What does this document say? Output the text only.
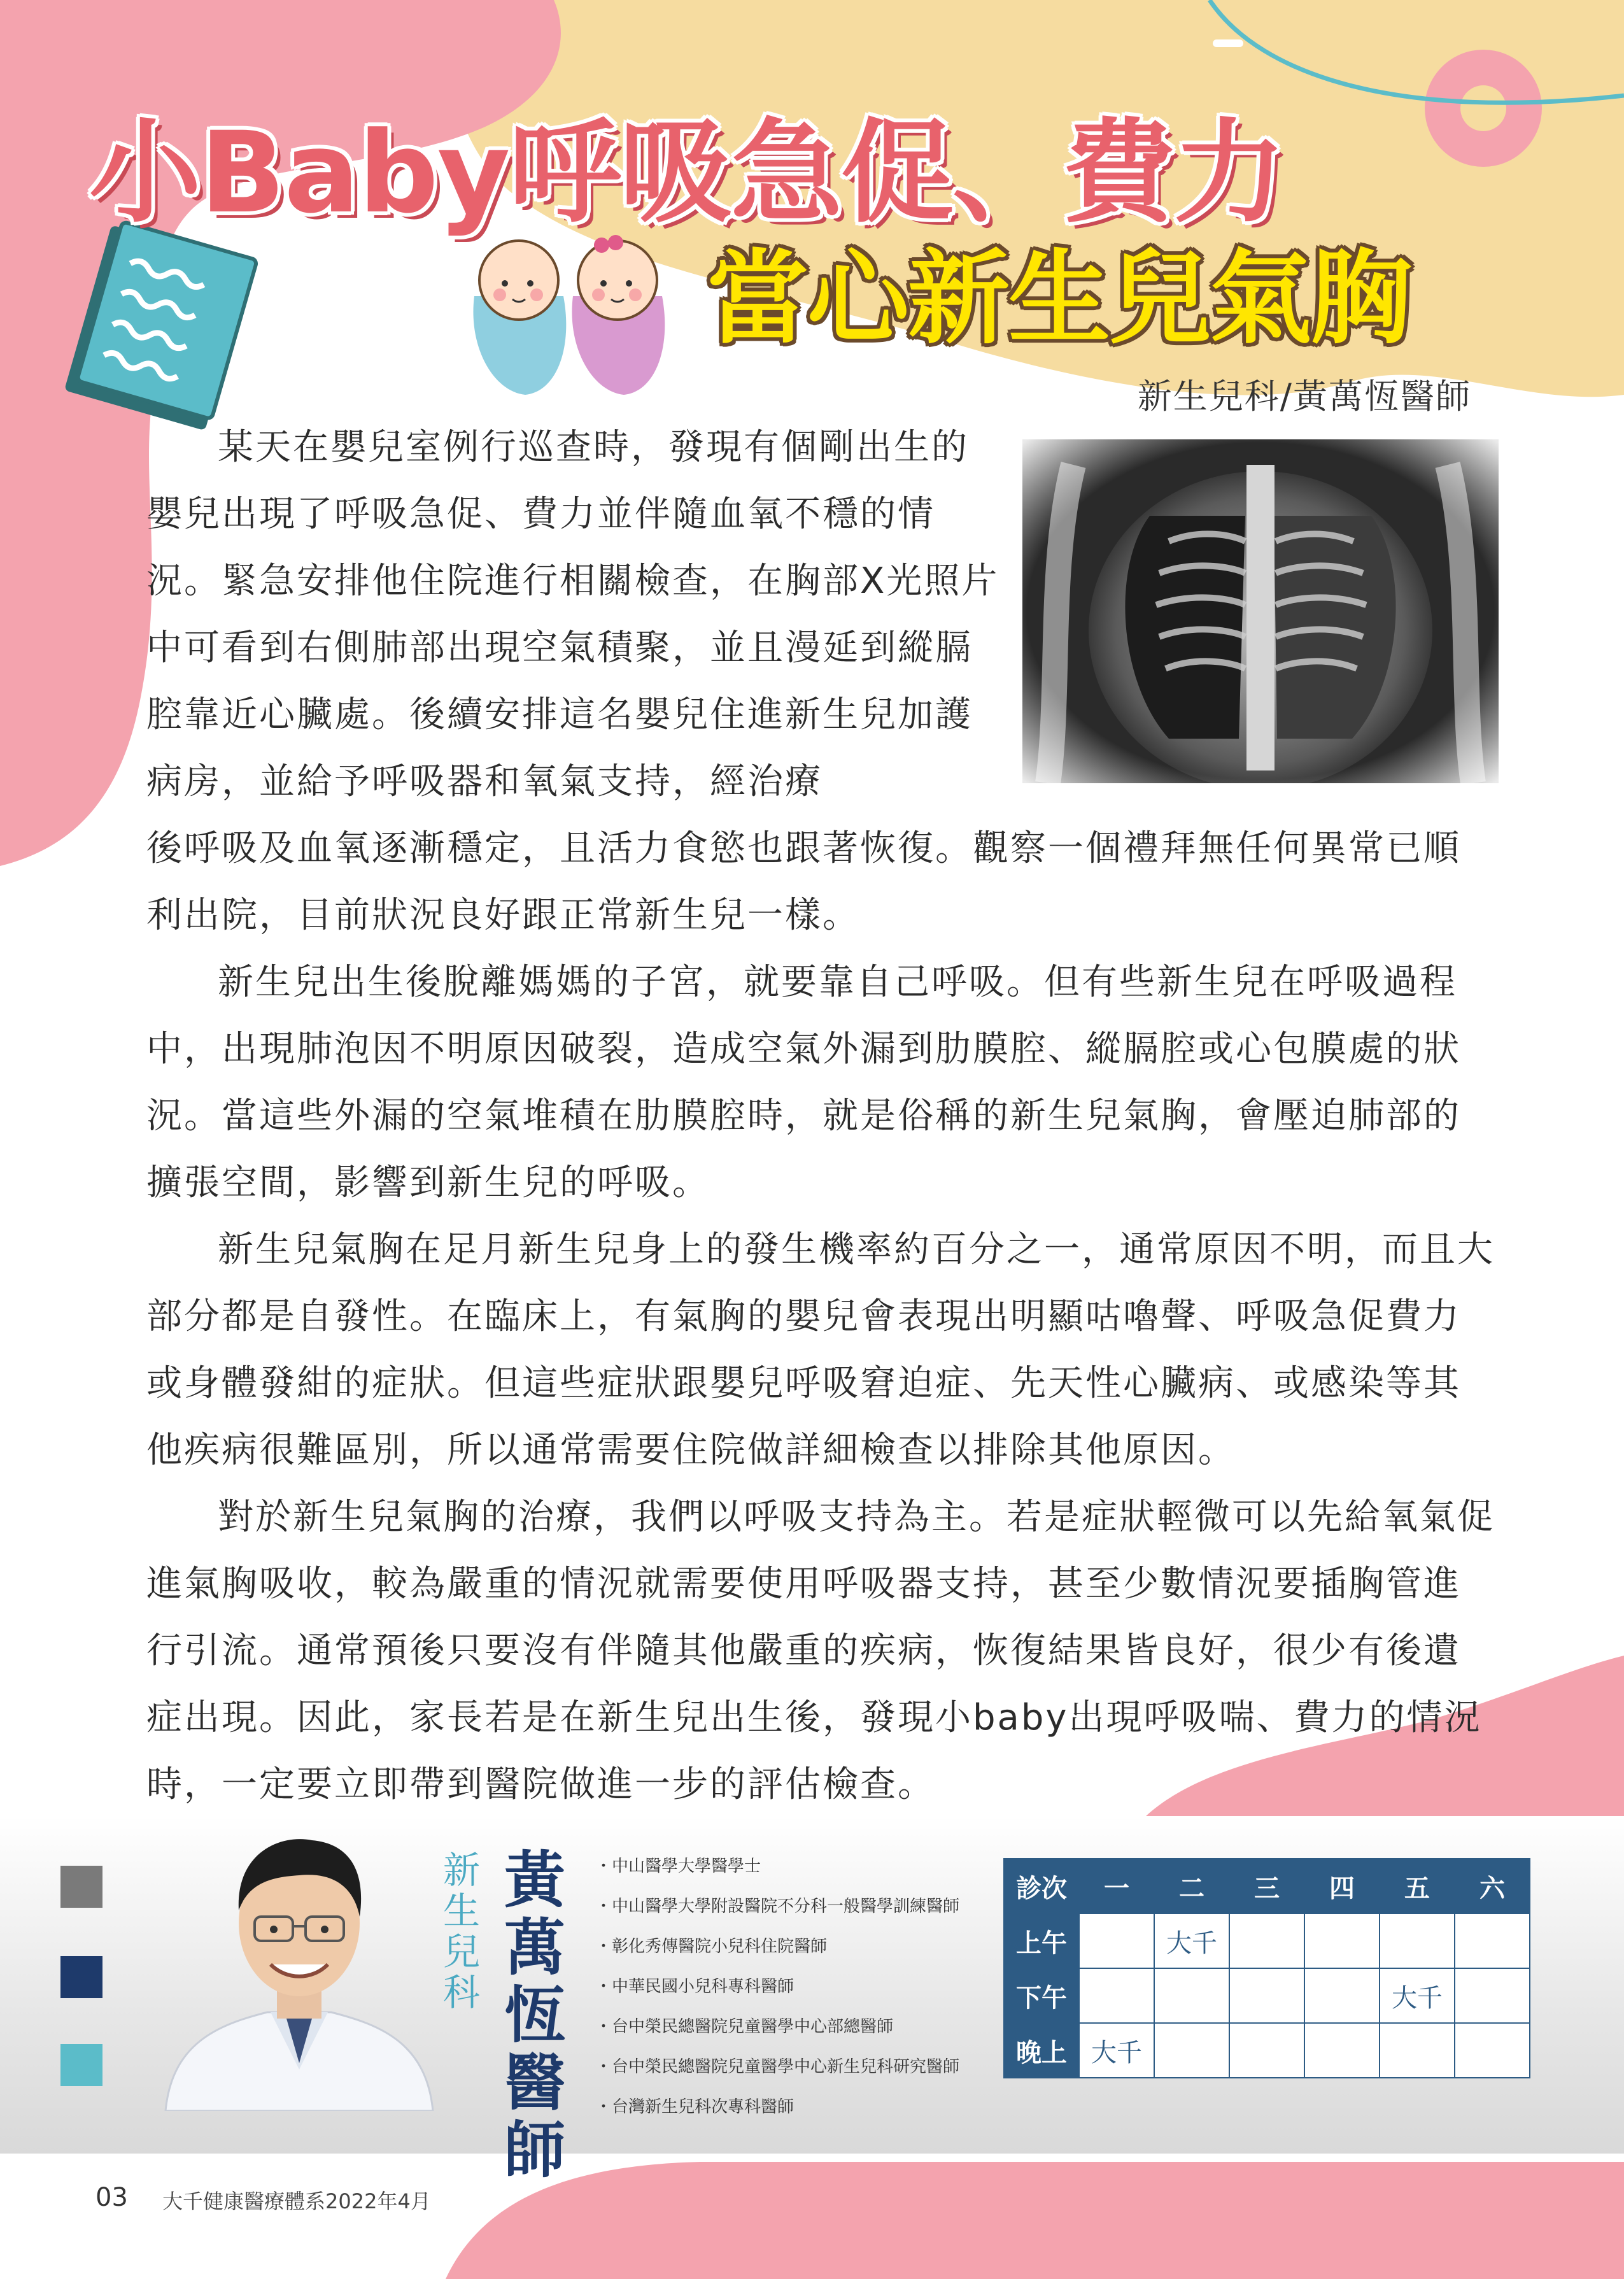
小Baby呼吸急促、費力
當心新生兒氣胸
新生兒科/黃萬恆醫師

某天在嬰兒室例行巡查時，發現有個剛出生的嬰兒出現了呼吸急促、費力並伴隨血氧不穩的情況。緊急安排他住院進行相關檢查，在胸部X光照片中可看到右側肺部出現空氣積聚，並且漫延到縱膈腔靠近心臟處。後續安排這名嬰兒住進新生兒加護病房，並給予呼吸器和氧氣支持，經治療

後呼吸及血氧逐漸穩定，且活力食慾也跟著恢復。觀察一個禮拜無任何異常已順利出院，目前狀況良好跟正常新生兒一樣。

新生兒出生後脫離媽媽的子宮，就要靠自己呼吸。但有些新生兒在呼吸過程中，出現肺泡因不明原因破裂，造成空氣外漏到肋膜腔、縱膈腔或心包膜處的狀況。當這些外漏的空氣堆積在肋膜腔時，就是俗稱的新生兒氣胸，會壓迫肺部的擴張空間，影響到新生兒的呼吸。

新生兒氣胸在足月新生兒身上的發生機率約百分之一，通常原因不明，而且大部分都是自發性。在臨床上，有氣胸的嬰兒會表現出明顯咕嚕聲、呼吸急促費力或身體發紺的症狀。但這些症狀跟嬰兒呼吸窘迫症、先天性心臟病、或感染等其他疾病很難區別，所以通常需要住院做詳細檢查以排除其他原因。

對於新生兒氣胸的治療，我們以呼吸支持為主。若是症狀輕微可以先給氧氣促進氣胸吸收，較為嚴重的情況就需要使用呼吸器支持，甚至少數情況要插胸管進行引流。通常預後只要沒有伴隨其他嚴重的疾病，恢復結果皆良好，很少有後遺症出現。因此，家長若是在新生兒出生後，發現小baby出現呼吸喘、費力的情況時，一定要立即帶到醫院做進一步的評估檢查。

新生兒科
黃萬恆醫師
・中山醫學大學醫學士
・中山醫學大學附設醫院不分科一般醫學訓練醫師
・彰化秀傳醫院小兒科住院醫師
・中華民國小兒科專科醫師
・台中榮民總醫院兒童醫學中心部總醫師
・台中榮民總醫院兒童醫學中心新生兒科研究醫師
・台灣新生兒科次專科醫師
診次	一	二	三	四	五	六
上午		大千				
下午					大千	
晚上	大千					
03 大千健康醫療體系2022年4月
